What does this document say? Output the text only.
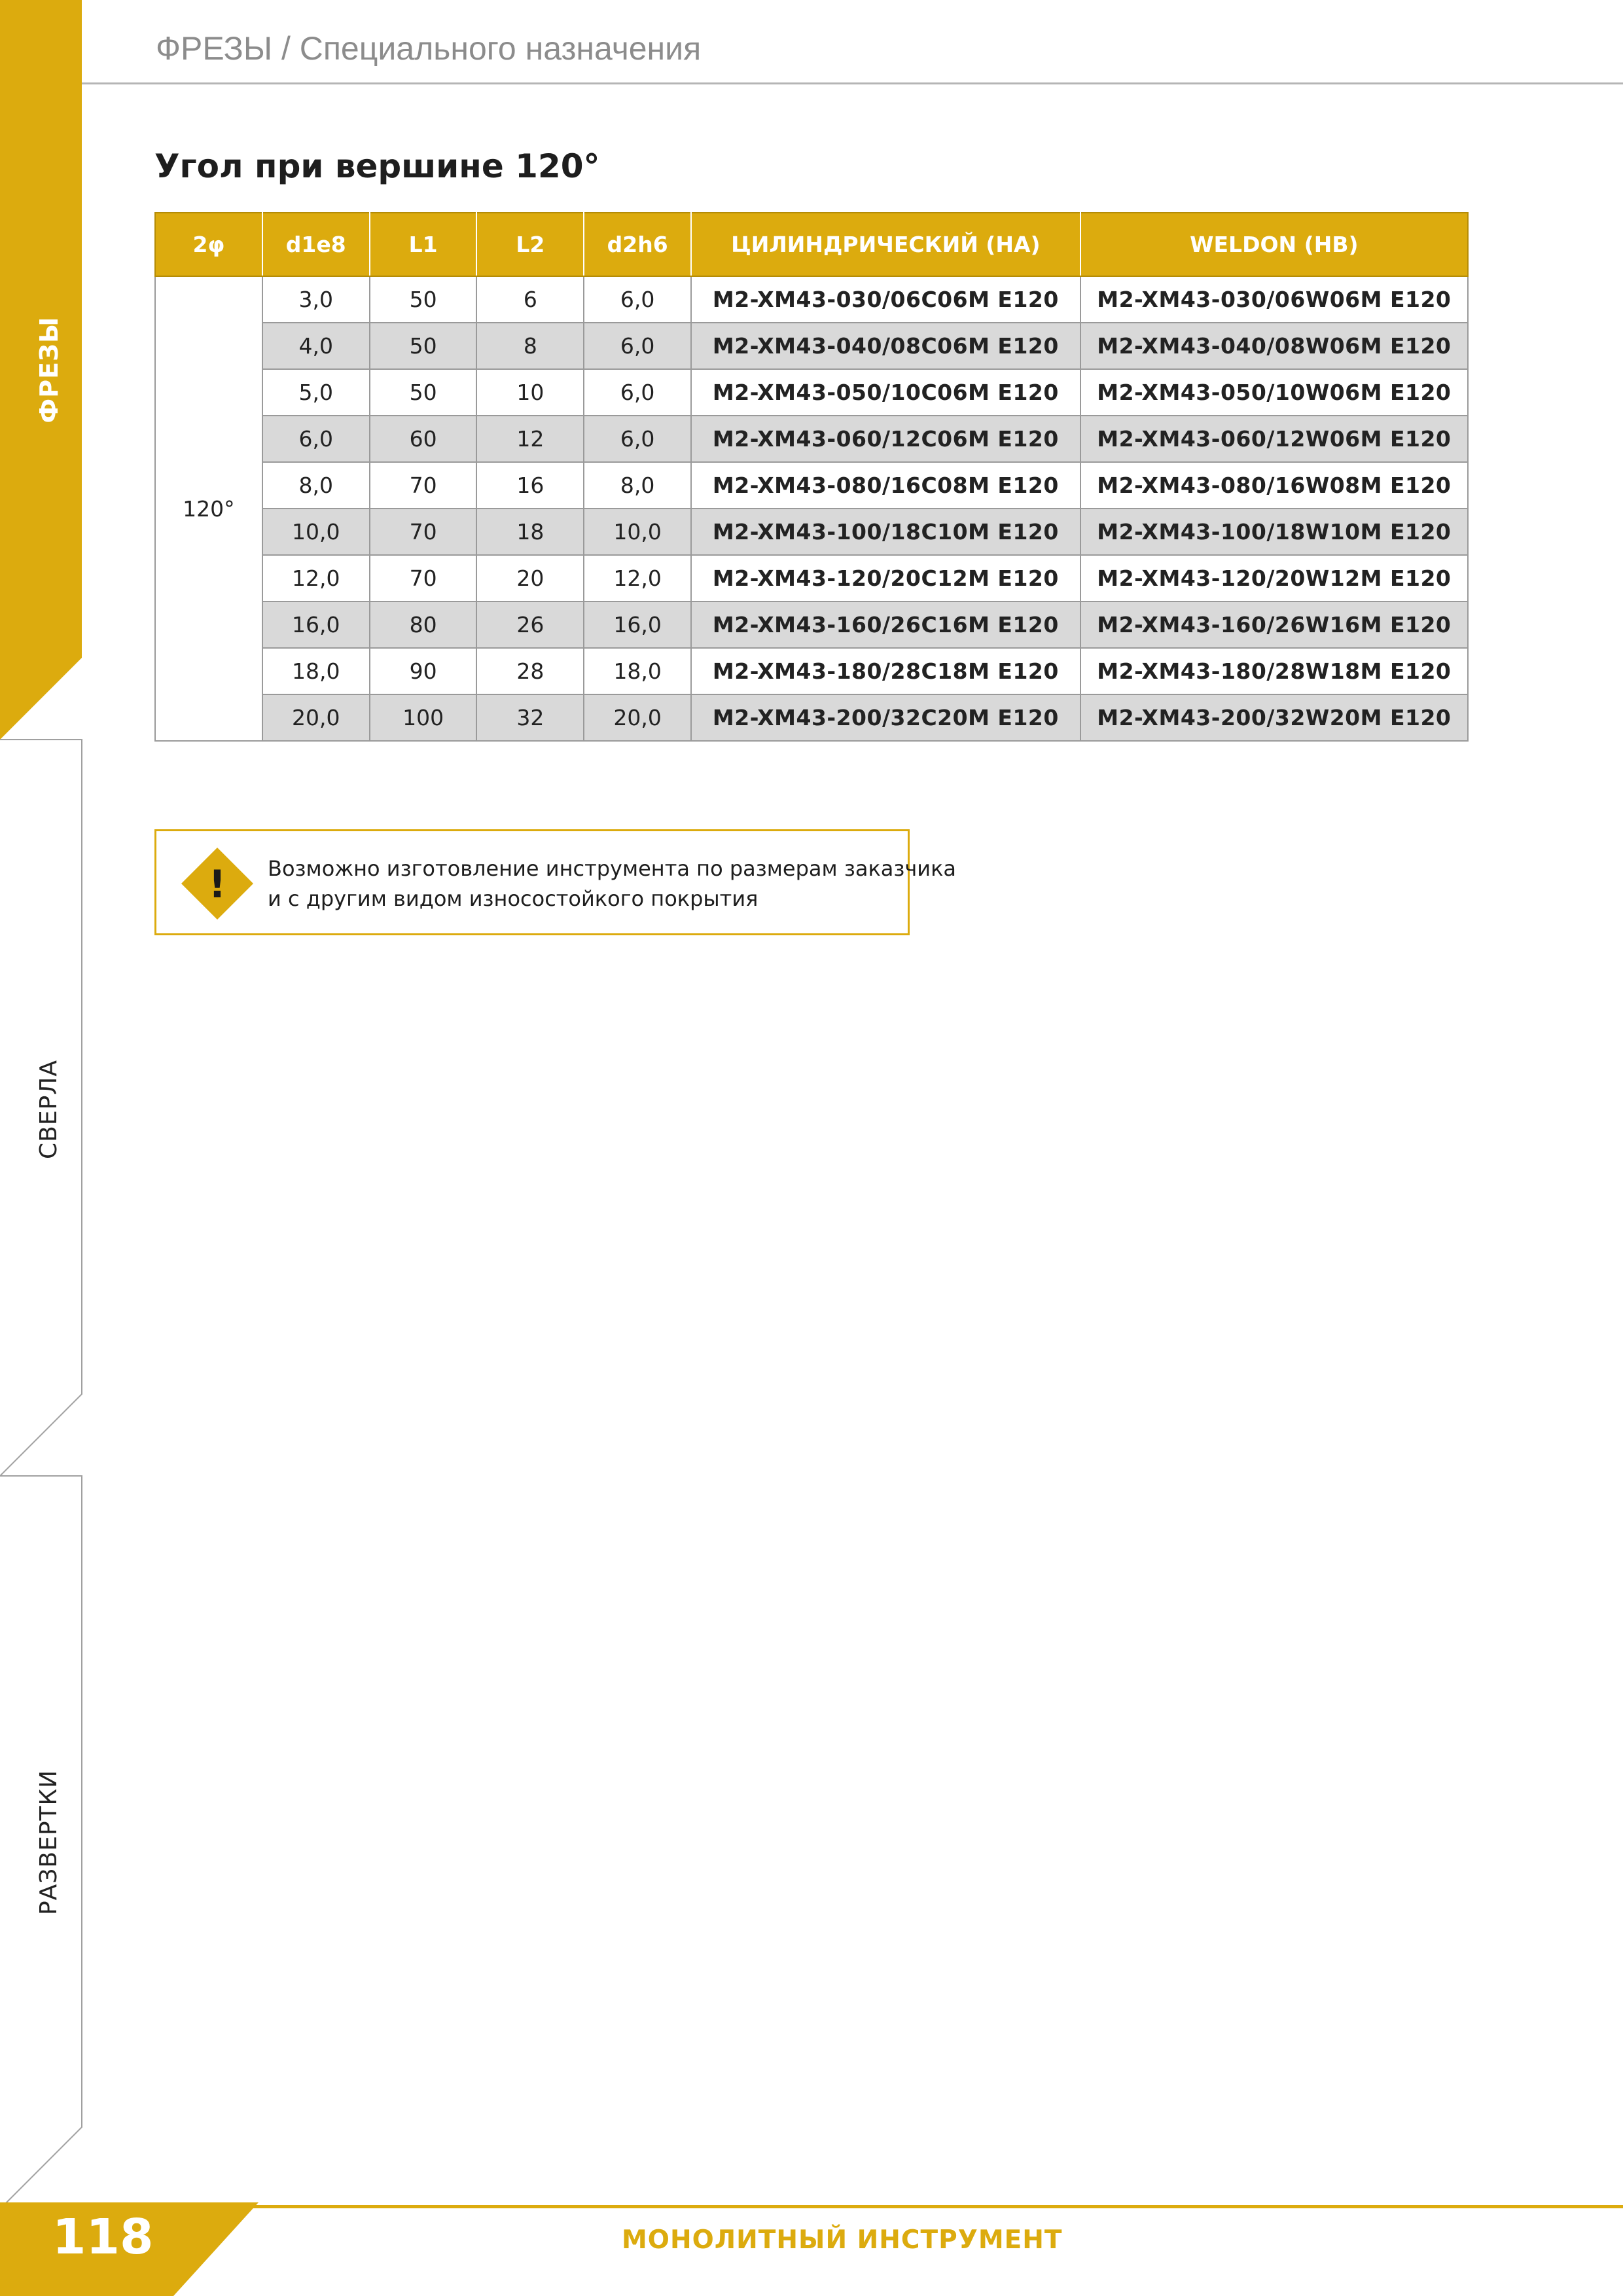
ФРЕЗЫ
СВЕРЛА
РАЗВЕРТКИ
ФРЕЗЫ / Специального назначения
Угол при вершине 120°
2φ	d1e8	L1	L2	d2h6	ЦИЛИНДРИЧЕСКИЙ (HA)	WELDON (HB)
120°	3,0	50	6	6,0	M2-XM43-030/06C06M E120	M2-XM43-030/06W06M E120
	4,0	50	8	6,0	M2-XM43-040/08C06M E120	M2-XM43-040/08W06M E120
	5,0	50	10	6,0	M2-XM43-050/10C06M E120	M2-XM43-050/10W06M E120
	6,0	60	12	6,0	M2-XM43-060/12C06M E120	M2-XM43-060/12W06M E120
	8,0	70	16	8,0	M2-XM43-080/16C08M E120	M2-XM43-080/16W08M E120
	10,0	70	18	10,0	M2-XM43-100/18C10M E120	M2-XM43-100/18W10M E120
	12,0	70	20	12,0	M2-XM43-120/20C12M E120	M2-XM43-120/20W12M E120
	16,0	80	26	16,0	M2-XM43-160/26C16M E120	M2-XM43-160/26W16M E120
	18,0	90	28	18,0	M2-XM43-180/28C18M E120	M2-XM43-180/28W18M E120
	20,0	100	32	20,0	M2-XM43-200/32C20M E120	M2-XM43-200/32W20M E120
! Возможно изготовление инструмента по размерам заказчика
и с другим видом износостойкого покрытия
118	МОНОЛИТНЫЙ ИНСТРУМЕНТ
